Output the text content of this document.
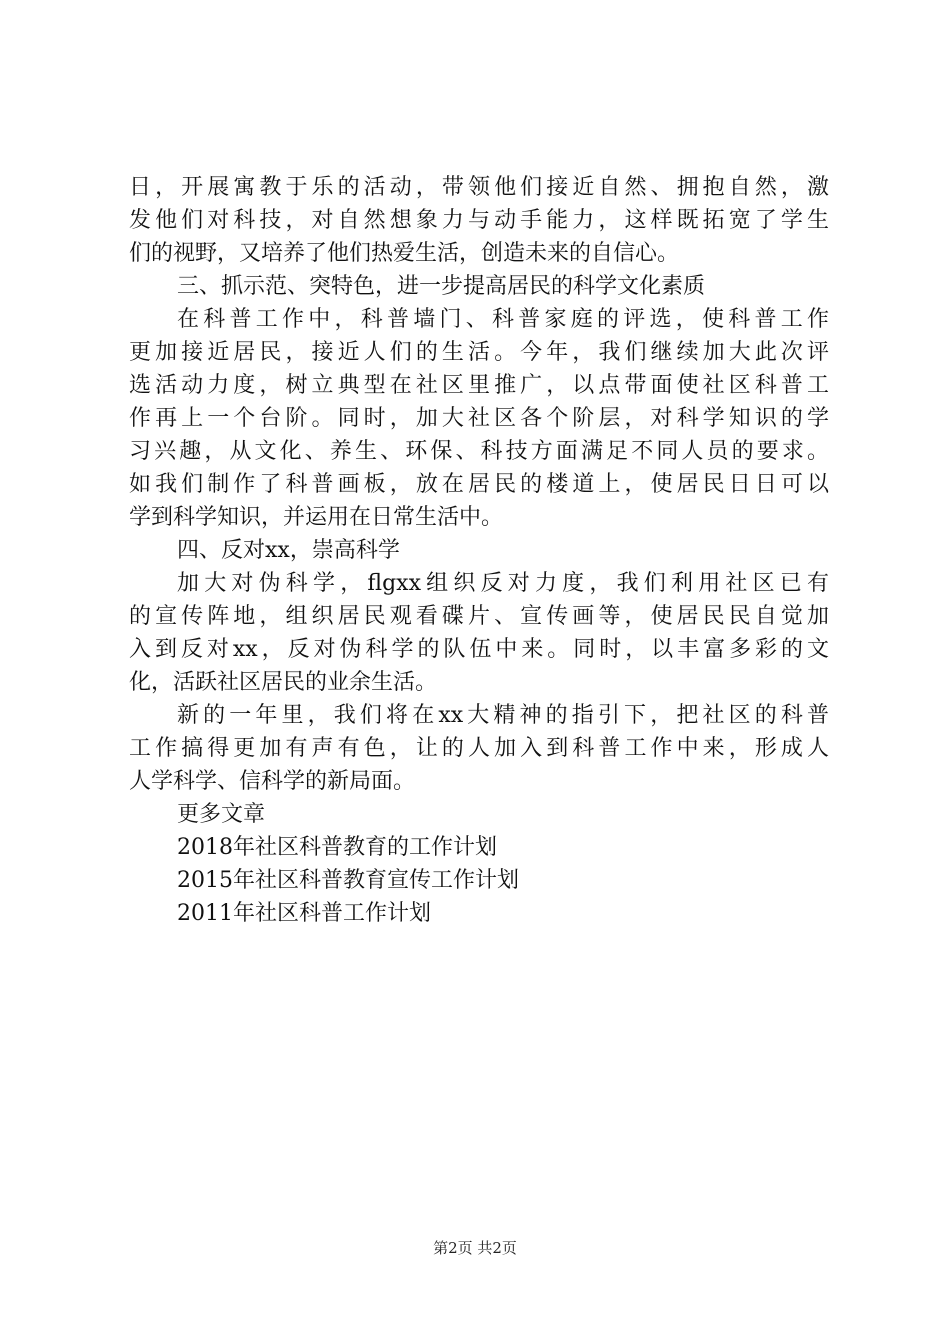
日，开展寓教于乐的活动，带领他们接近自然、拥抱自然，激
发他们对科技，对自然想象力与动手能力，这样既拓宽了学生
们的视野，又培养了他们热爱生活，创造未来的自信心。
三、抓示范、突特色，进一步提高居民的科学文化素质
在科普工作中，科普墙门、科普家庭的评选，使科普工作
更加接近居民，接近人们的生活。今年，我们继续加大此次评
选活动力度，树立典型在社区里推广，以点带面使社区科普工
作再上一个台阶。同时，加大社区各个阶层，对科学知识的学
习兴趣，从文化、养生、环保、科技方面满足不同人员的要求。
如我们制作了科普画板，放在居民的楼道上，使居民日日可以
学到科学知识，并运用在日常生活中。
四、反对xx，崇高科学
加大对伪科学，flgxx组织反对力度，我们利用社区已有
的宣传阵地，组织居民观看碟片、宣传画等，使居民民自觉加
入到反对xx，反对伪科学的队伍中来。同时，以丰富多彩的文
化，活跃社区居民的业余生活。
新的一年里，我们将在xx大精神的指引下，把社区的科普
工作搞得更加有声有色，让的人加入到科普工作中来，形成人
人学科学、信科学的新局面。
更多文章
2018年社区科普教育的工作计划
2015年社区科普教育宣传工作计划
2011年社区科普工作计划
第2页 共2页
